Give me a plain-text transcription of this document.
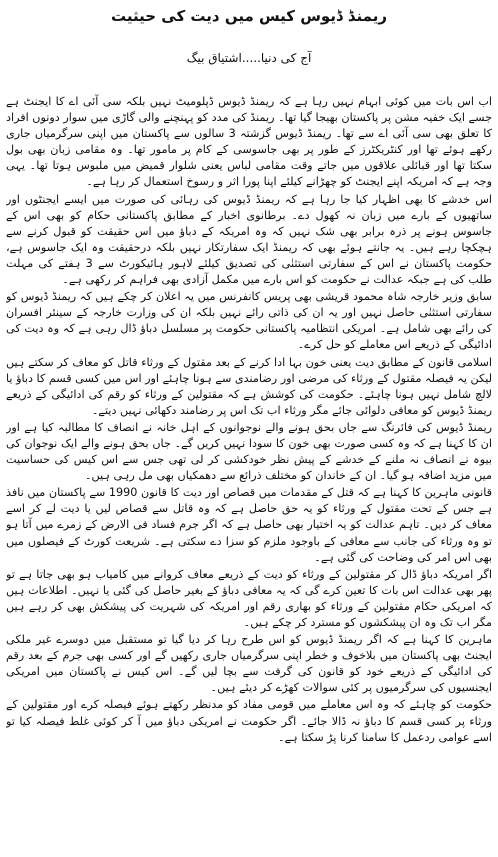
ریمنڈ ڈیوس کیس میں دیت کی حیثیت
آج کی دنیا.....اشتیاق بیگ

اب اس بات میں کوئی ابہام نہیں رہا ہے کہ ریمنڈ ڈیوس ڈپلومیٹ نہیں بلکہ سی آئی اے کا ایجنٹ ہے جسے ایک خفیہ مشن پر پاکستان بھیجا گیا تھا۔ ریمنڈ کی مدد کو پہنچنے والی گاڑی میں سوار دونوں افراد کا تعلق بھی سی آئی اے سے تھا۔ ریمنڈ ڈیوس گزشتہ 3 سالوں سے پاکستان میں اپنی سرگرمیاں جاری رکھے ہوئے تھا اور کنٹریکٹرز کے طور پر بھی جاسوسی کے کام پر مامور تھا۔ وہ مقامی زبان بھی بول سکتا تھا اور قبائلی علاقوں میں جاتے وقت مقامی لباس یعنی شلوار قمیض میں ملبوس ہوتا تھا۔ یہی وجہ ہے کہ امریکہ اپنے ایجنٹ کو چھڑانے کیلئے اپنا پورا اثر و رسوخ استعمال کر رہا ہے۔

اس خدشے کا بھی اظہار کیا جا رہا ہے کہ ریمنڈ ڈیوس کی رہائی کی صورت میں ایسے ایجنٹوں اور ساتھیوں کے بارے میں زبان نہ کھول دے۔ برطانوی اخبار کے مطابق پاکستانی حکام کو بھی اس کے جاسوس ہونے پر ذرہ برابر بھی شک نہیں کہ وہ امریکہ کے دباؤ میں اس حقیقت کو قبول کرنے سے ہچکچا رہے ہیں۔ یہ جانتے ہوئے بھی کہ ریمنڈ ایک سفارتکار نہیں بلکہ درحقیقت وہ ایک جاسوس ہے، حکومت پاکستان نے اس کے سفارتی استثنٰی کی تصدیق کیلئے لاہور ہائیکورٹ سے 3 ہفتے کی مہلت طلب کی ہے جبکہ عدالت نے حکومت کو اس بارے میں مکمل آزادی بھی فراہم کر رکھی ہے۔

سابق وزیر خارجہ شاہ محمود قریشی بھی پریس کانفرنس میں یہ اعلان کر چکے ہیں کہ ریمنڈ ڈیوس کو سفارتی استثنٰی حاصل نہیں اور یہ ان کی ذاتی رائے نہیں بلکہ ان کی وزارت خارجہ کے سینئر افسران کی رائے بھی شامل ہے۔ امریکی انتظامیہ پاکستانی حکومت پر مسلسل دباؤ ڈال رہی ہے کہ وہ دیت کی ادائیگی کے ذریعے اس معاملے کو حل کرے۔

اسلامی قانون کے مطابق دیت یعنی خون بہا ادا کرنے کے بعد مقتول کے ورثاء قاتل کو معاف کر سکتے ہیں لیکن یہ فیصلہ مقتول کے ورثاء کی مرضی اور رضامندی سے ہونا چاہئے اور اس میں کسی قسم کا دباؤ یا لالچ شامل نہیں ہونا چاہئے۔ حکومت کی کوشش ہے کہ مقتولین کے ورثاء کو رقم کی ادائیگی کے ذریعے ریمنڈ ڈیوس کو معافی دلوائی جائے مگر ورثاء اب تک اس پر رضامند دکھائی نہیں دیتے۔

ریمنڈ ڈیوس کی فائرنگ سے جاں بحق ہونے والے نوجوانوں کے اہل خانہ نے انصاف کا مطالبہ کیا ہے اور ان کا کہنا ہے کہ وہ کسی صورت بھی خون کا سودا نہیں کریں گے۔ جاں بحق ہونے والے ایک نوجوان کی بیوہ نے انصاف نہ ملنے کے خدشے کے پیش نظر خودکشی کر لی تھی جس سے اس کیس کی حساسیت میں مزید اضافہ ہو گیا۔ ان کے خاندان کو مختلف ذرائع سے دھمکیاں بھی مل رہی ہیں۔

قانونی ماہرین کا کہنا ہے کہ قتل کے مقدمات میں قصاص اور دیت کا قانون 1990 سے پاکستان میں نافذ ہے جس کے تحت مقتول کے ورثاء کو یہ حق حاصل ہے کہ وہ قاتل سے قصاص لیں یا دیت لے کر اسے معاف کر دیں۔ تاہم عدالت کو یہ اختیار بھی حاصل ہے کہ اگر جرم فساد فی الارض کے زمرے میں آتا ہو تو وہ ورثاء کی جانب سے معافی کے باوجود ملزم کو سزا دے سکتی ہے۔ شریعت کورٹ کے فیصلوں میں بھی اس امر کی وضاحت کی گئی ہے۔

اگر امریکہ دباؤ ڈال کر مقتولین کے ورثاء کو دیت کے ذریعے معاف کروانے میں کامیاب ہو بھی جاتا ہے تو پھر بھی عدالت اس بات کا تعین کرے گی کہ یہ معافی دباؤ کے بغیر حاصل کی گئی یا نہیں۔ اطلاعات ہیں کہ امریکی حکام مقتولین کے ورثاء کو بھاری رقم اور امریکہ کی شہریت کی پیشکش بھی کر رہے ہیں مگر اب تک وہ ان پیشکشوں کو مسترد کر چکے ہیں۔

ماہرین کا کہنا ہے کہ اگر ریمنڈ ڈیوس کو اس طرح رہا کر دیا گیا تو مستقبل میں دوسرے غیر ملکی ایجنٹ بھی پاکستان میں بلاخوف و خطر اپنی سرگرمیاں جاری رکھیں گے اور کسی بھی جرم کے بعد رقم کی ادائیگی کے ذریعے خود کو قانون کی گرفت سے بچا لیں گے۔ اس کیس نے پاکستان میں امریکی ایجنسیوں کی سرگرمیوں پر کئی سوالات کھڑے کر دیئے ہیں۔

حکومت کو چاہئے کہ وہ اس معاملے میں قومی مفاد کو مدنظر رکھتے ہوئے فیصلہ کرے اور مقتولین کے ورثاء پر کسی قسم کا دباؤ نہ ڈالا جائے۔ اگر حکومت نے امریکی دباؤ میں آ کر کوئی غلط فیصلہ کیا تو اسے عوامی ردعمل کا سامنا کرنا پڑ سکتا ہے۔
